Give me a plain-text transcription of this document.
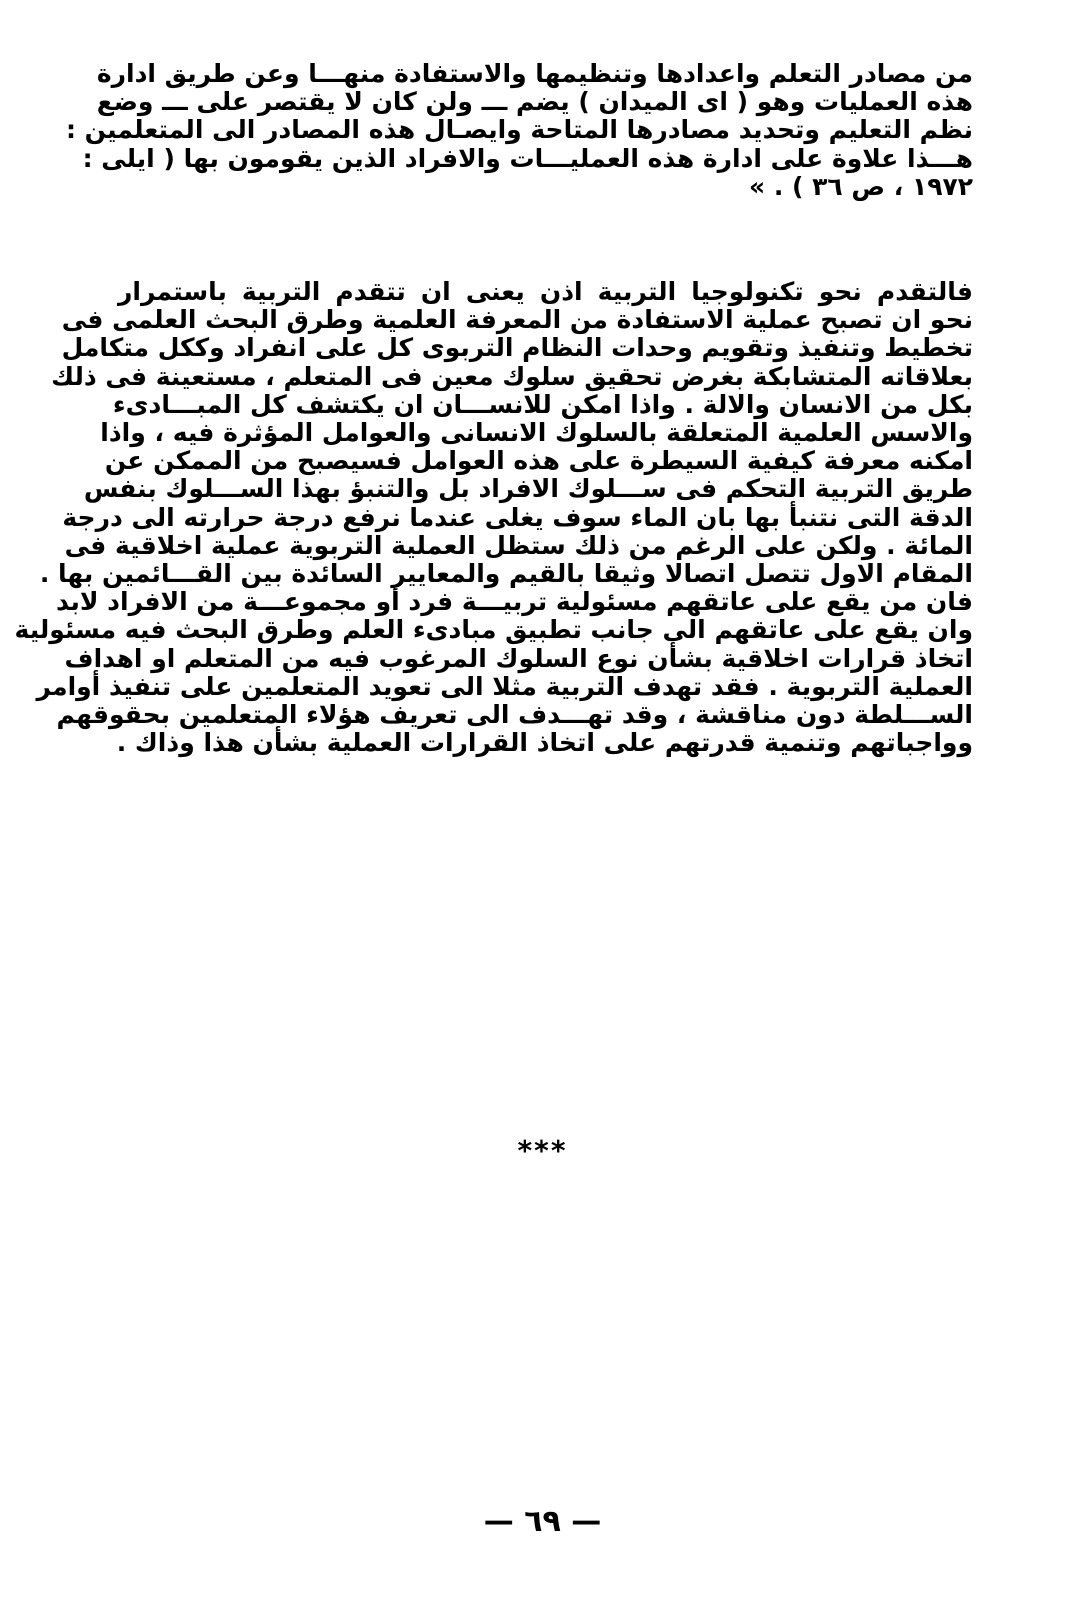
من مصادر التعلم واعدادها وتنظيمها والاستفادة منهـــا وعن طريق ادارة
هذه العمليات وهو ( اى الميدان ) يضم ـــ ولن كان لا يقتصر على ـــ وضع
نظم التعليم وتحديد مصادرها المتاحة وايصـال هذه المصادر الى المتعلمين :
هـــذا علاوة على ادارة هذه العمليـــات والافراد الذين يقومون بها ( ايلى :
١٩٧٢ ، ص ٣٦ ) . »
فالتقدم نحو تكنولوجيا التربية اذن يعنى ان تتقدم التربية باستمرار
نحو ان تصبح عملية الاستفادة من المعرفة العلمية وطرق البحث العلمى فى
تخطيط وتنفيذ وتقويم وحدات النظام التربوى كل على انفراد وككل متكامل
بعلاقاته المتشابكة بغرض تحقيق سلوك معين فى المتعلم ، مستعينة فى ذلك
بكل من الانسان والالة . واذا امكن للانســـان ان يكتشف كل المبـــادىء
والاسس العلمية المتعلقة بالسلوك الانسانى والعوامل المؤثرة فيه ، واذا
امكنه معرفة كيفية السيطرة على هذه العوامل فسيصبح من الممكن عن
طريق التربية التحكم فى ســـلوك الافراد بل والتنبؤ بهذا الســـلوك بنفس
الدقة التى نتنبأ بها بان الماء سوف يغلى عندما نرفع درجة حرارته الى درجة
المائة . ولكن على الرغم من ذلك ستظل العملية التربوية عملية اخلاقية فى
المقام الاول تتصل اتصالا وثيقا بالقيم والمعايير السائدة بين القـــائمين بها .
فان من يقع على عاتقهم مسئولية تربيـــة فرد أو مجموعـــة من الافراد لابد
وان يقع على عاتقهم الى جانب تطبيق مبادىء العلم وطرق البحث فيه مسئولية
اتخاذ قرارات اخلاقية بشأن نوع السلوك المرغوب فيه من المتعلم او اهداف
العملية التربوية . فقد تهدف التربية مثلا الى تعويد المتعلمين على تنفيذ أوامر
الســـلطة دون مناقشة ، وقد تهـــدف الى تعريف هؤلاء المتعلمين بحقوقهم
وواجباتهم وتنمية قدرتهم على اتخاذ القرارات العملية بشأن هذا وذاك .
***
— ٦٩ —
